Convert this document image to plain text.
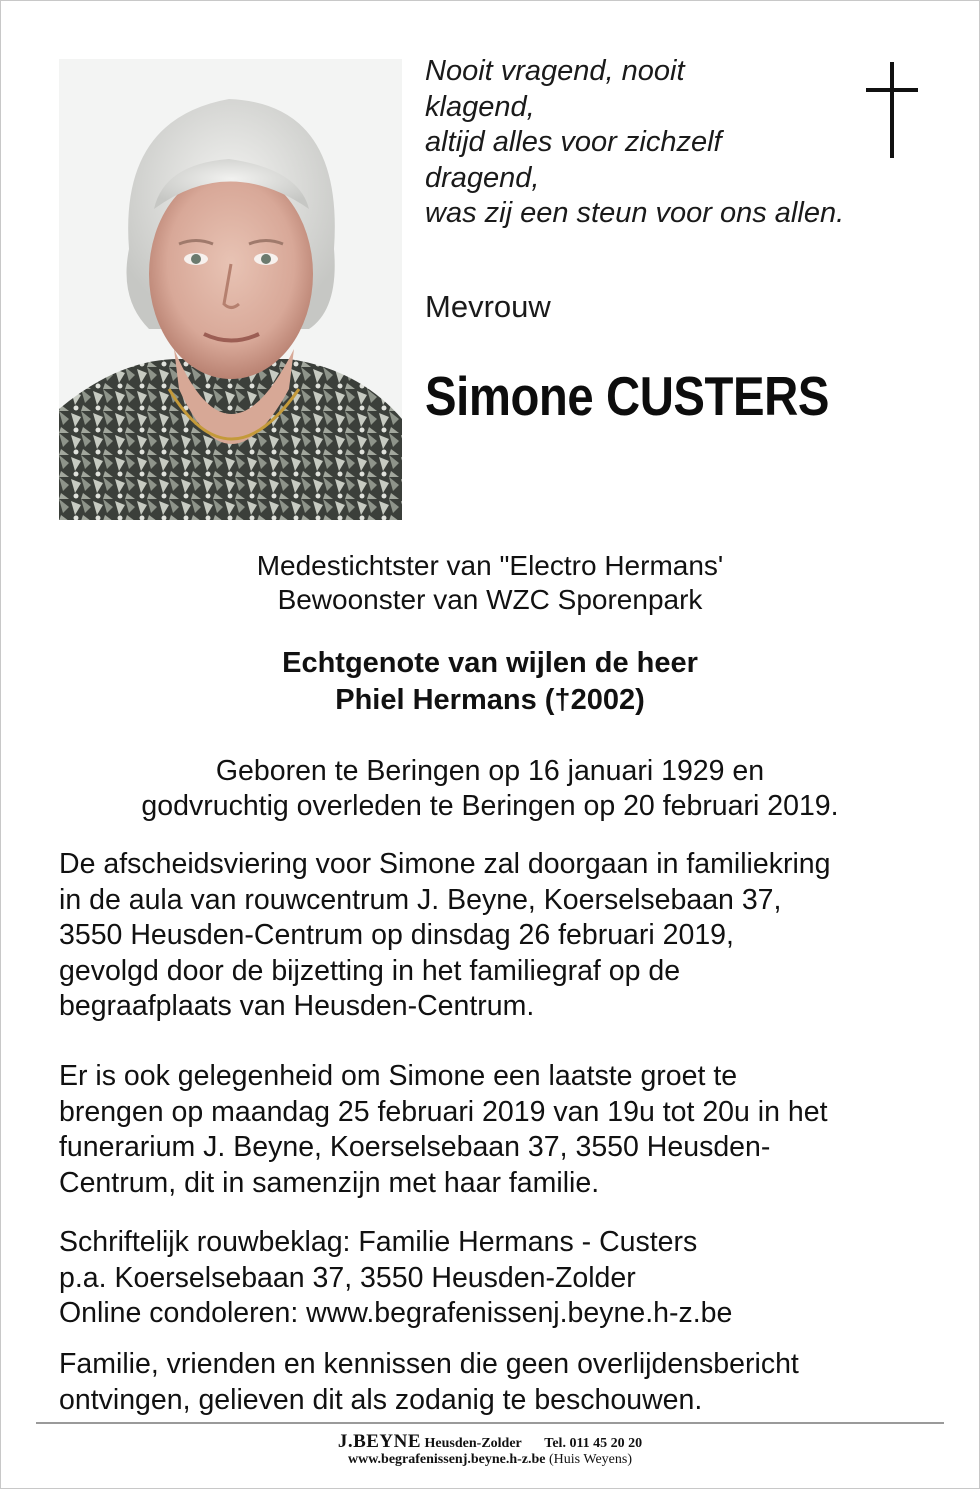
Nooit vragend, nooit
klagend,
altijd alles voor zichzelf
dragend,
was zij een steun voor ons allen.
Mevrouw
Simone CUSTERS
Medestichtster van "Electro Hermans'
Bewoonster van WZC Sporenpark
Echtgenote van wijlen de heer
Phiel Hermans (†2002)
Geboren te Beringen op 16 januari 1929 en
godvruchtig overleden te Beringen op 20 februari 2019.
De afscheidsviering voor Simone zal doorgaan in familiekring
in de aula van rouwcentrum J. Beyne, Koerselsebaan 37,
3550 Heusden-Centrum op dinsdag 26 februari 2019,
gevolgd door de bijzetting in het familiegraf op de
begraafplaats van Heusden-Centrum.
Er is ook gelegenheid om Simone een laatste groet te
brengen op maandag 25 februari 2019 van 19u tot 20u in het
funerarium J. Beyne, Koerselsebaan 37, 3550 Heusden-
Centrum, dit in samenzijn met haar familie.
Schriftelijk rouwbeklag: Familie Hermans - Custers
p.a. Koerselsebaan 37, 3550 Heusden-Zolder
Online condoleren: www.begrafenissenj.beyne.h-z.be
Familie, vrienden en kennissen die geen overlijdensbericht
ontvingen, gelieven dit als zodanig te beschouwen.
J.BEYNE Heusden-Zolder Tel. 011 45 20 20
www.begrafenissenj.beyne.h-z.be (Huis Weyens)
